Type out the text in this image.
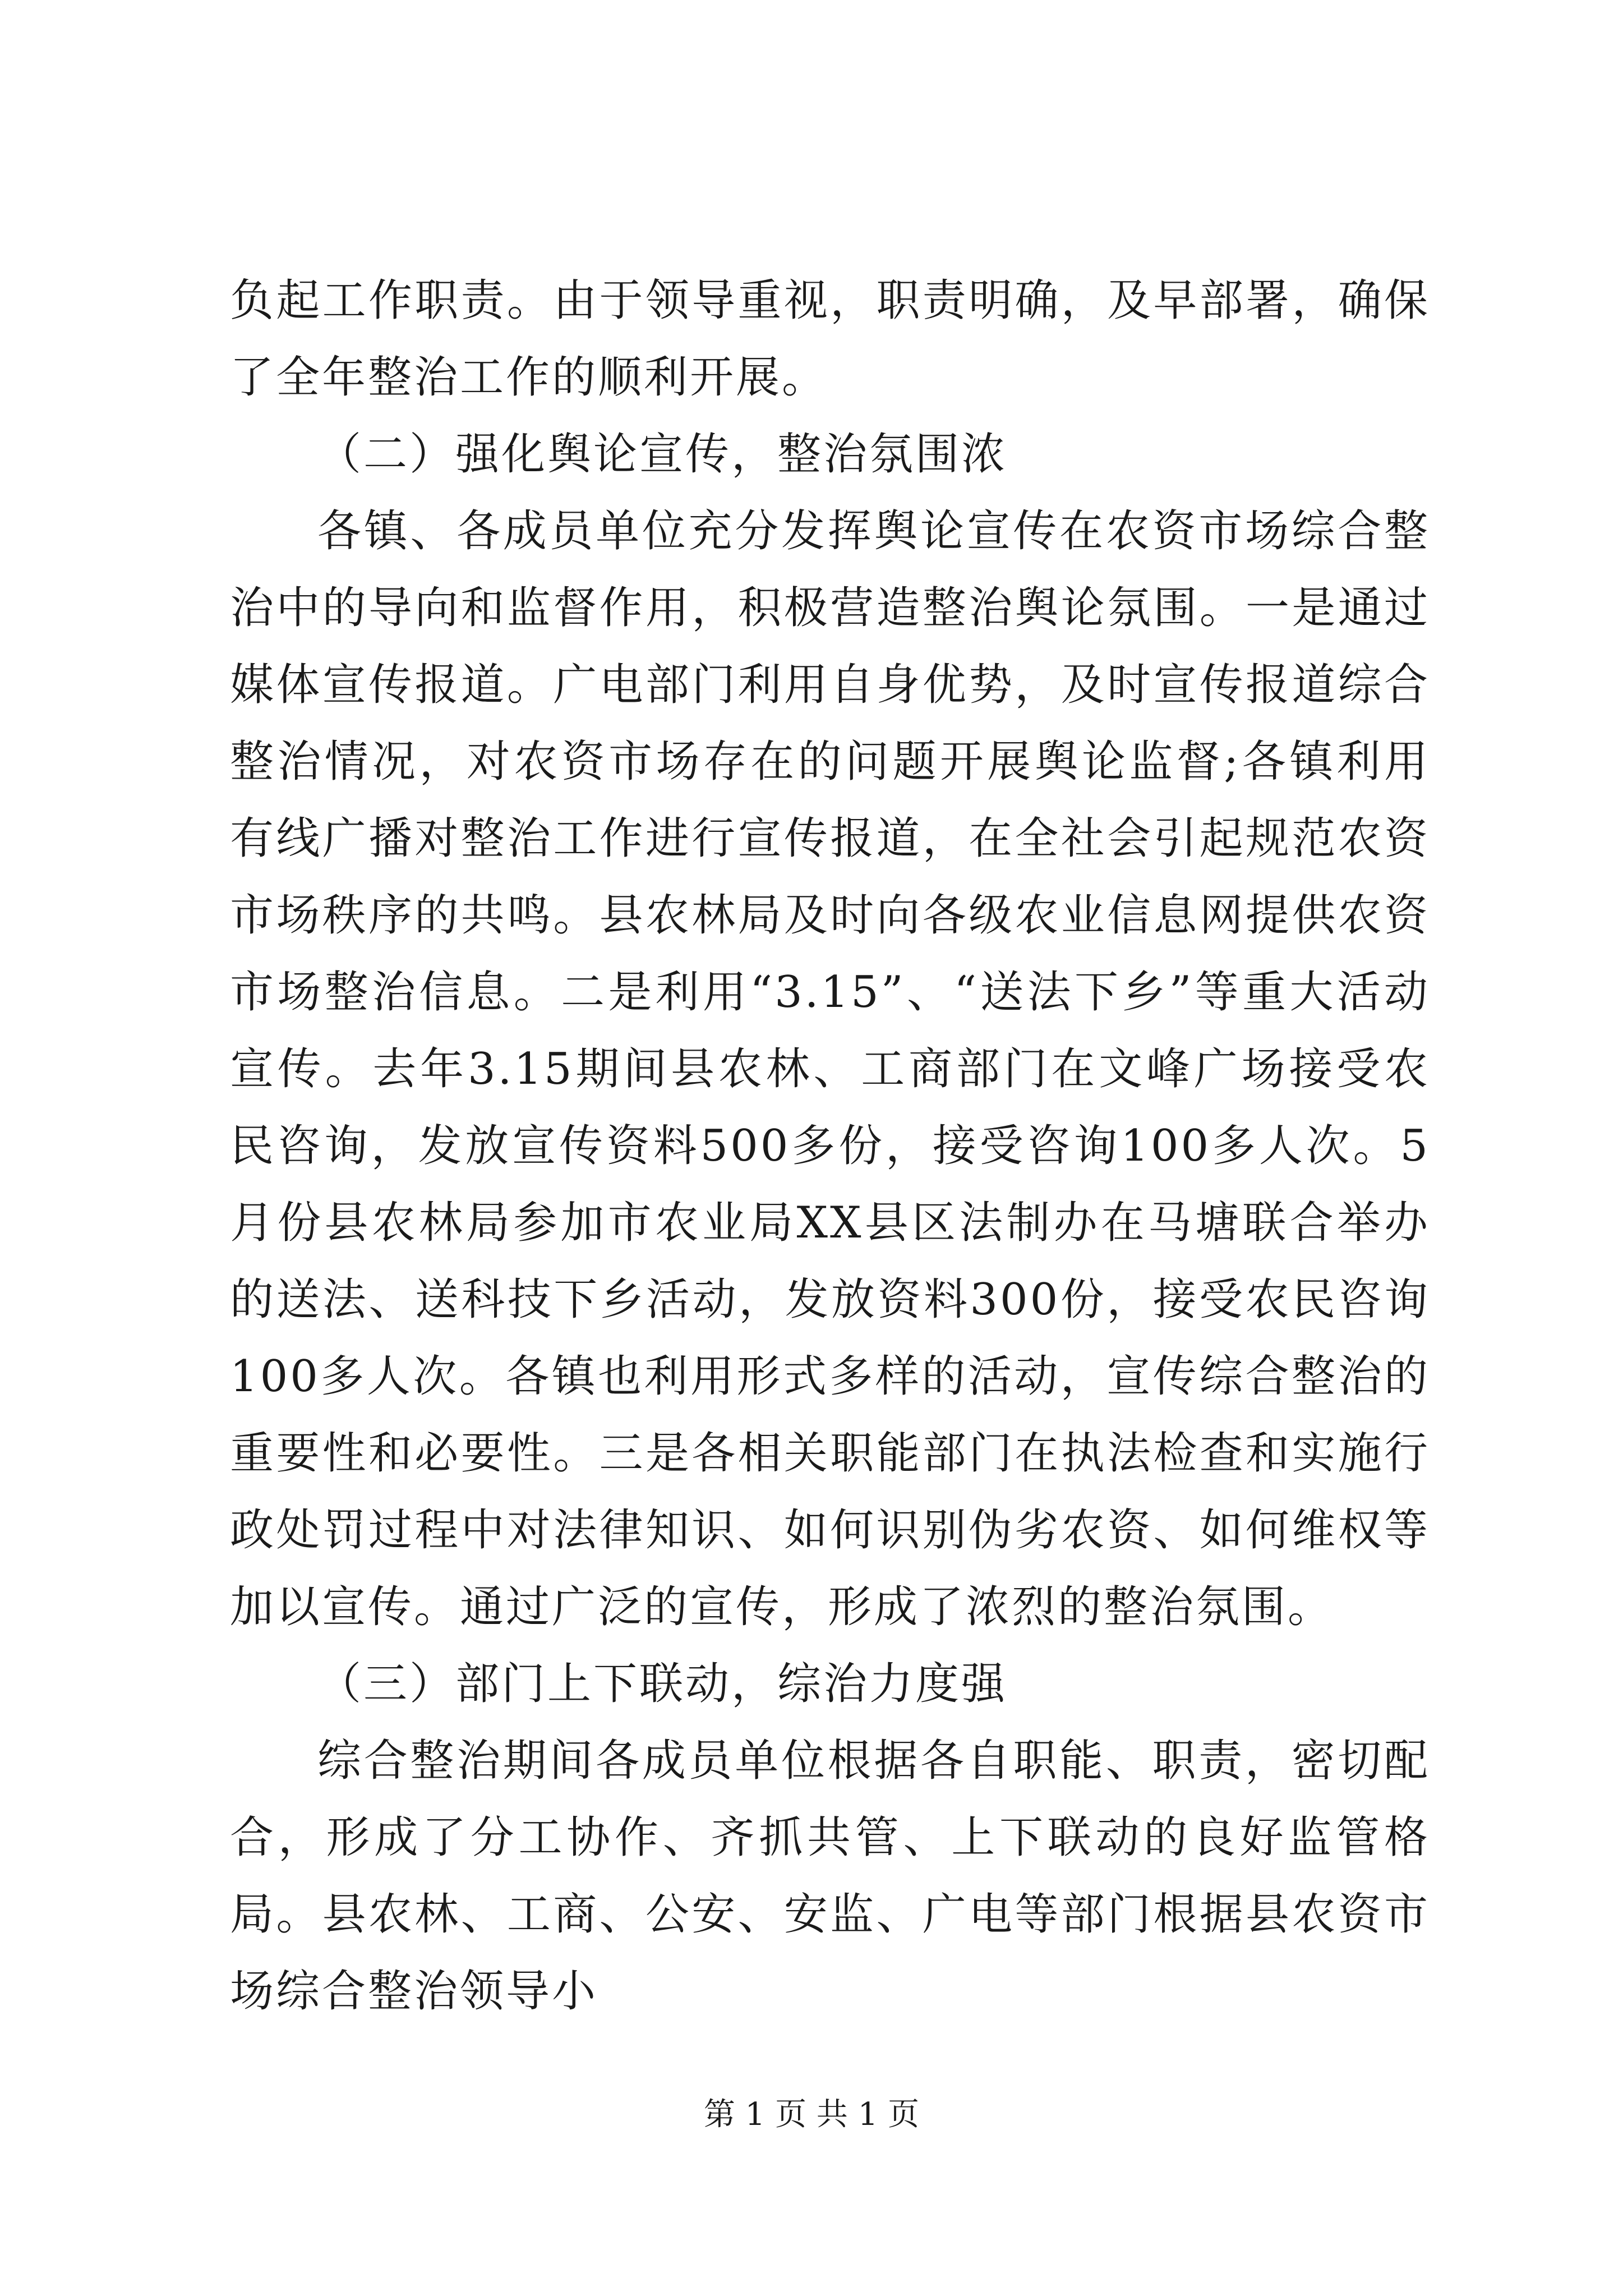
负起工作职责。由于领导重视，职责明确，及早部署，确保了全年整治工作的顺利开展。

（二）强化舆论宣传，整治氛围浓

各镇、各成员单位充分发挥舆论宣传在农资市场综合整治中的导向和监督作用，积极营造整治舆论氛围。一是通过媒体宣传报道。广电部门利用自身优势，及时宣传报道综合整治情况，对农资市场存在的问题开展舆论监督;各镇利用有线广播对整治工作进行宣传报道，在全社会引起规范农资市场秩序的共鸣。县农林局及时向各级农业信息网提供农资市场整治信息。二是利用“3.15”、“送法下乡”等重大活动宣传。去年3.15期间县农林、工商部门在文峰广场接受农民咨询，发放宣传资料500多份，接受咨询100多人次。5月份县农林局参加市农业局XX县区法制办在马塘联合举办的送法、送科技下乡活动，发放资料300份，接受农民咨询100多人次。各镇也利用形式多样的活动，宣传综合整治的重要性和必要性。三是各相关职能部门在执法检查和实施行政处罚过程中对法律知识、如何识别伪劣农资、如何维权等加以宣传。通过广泛的宣传，形成了浓烈的整治氛围。

（三）部门上下联动，综治力度强

综合整治期间各成员单位根据各自职能、职责，密切配合，形成了分工协作、齐抓共管、上下联动的良好监管格局。县农林、工商、公安、安监、广电等部门根据县农资市场综合整治领导小

第 1 页 共 1 页
